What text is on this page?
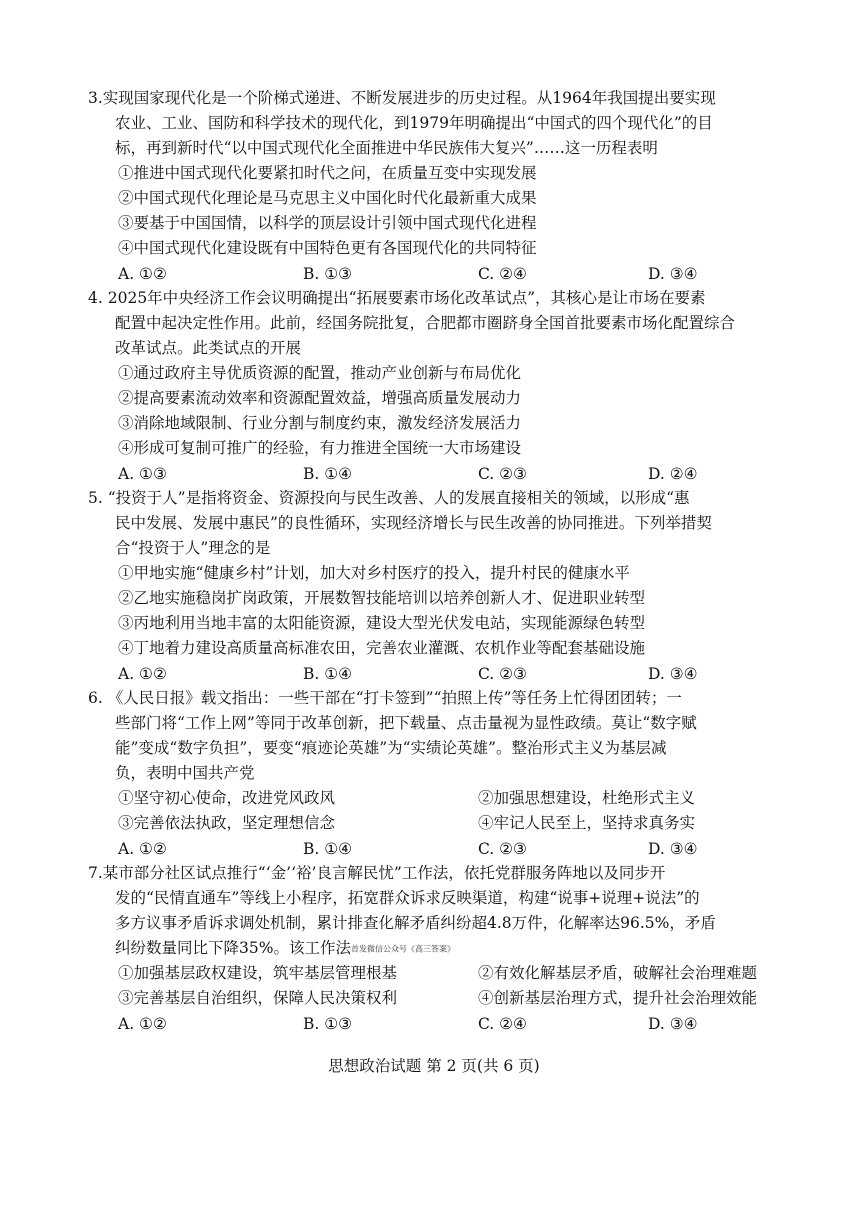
3.实现国家现代化是一个阶梯式递进、不断发展进步的历史过程。从1964年我国提出要实现
农业、工业、国防和科学技术的现代化，到1979年明确提出“中国式的四个现代化”的目
标，再到新时代“以中国式现代化全面推进中华民族伟大复兴”……这一历程表明
①推进中国式现代化要紧扣时代之问，在质量互变中实现发展
②中国式现代化理论是马克思主义中国化时代化最新重大成果
③要基于中国国情，以科学的顶层设计引领中国式现代化进程
④中国式现代化建设既有中国特色更有各国现代化的共同特征
A. ①②	B. ①③	C. ②④	D. ③④
4. 2025年中央经济工作会议明确提出“拓展要素市场化改革试点”，其核心是让市场在要素
配置中起决定性作用。此前，经国务院批复，合肥都市圈跻身全国首批要素市场化配置综合
改革试点。此类试点的开展
①通过政府主导优质资源的配置，推动产业创新与布局优化
②提高要素流动效率和资源配置效益，增强高质量发展动力
③消除地域限制、行业分割与制度约束，激发经济发展活力
④形成可复制可推广的经验，有力推进全国统一大市场建设
A. ①③	B. ①④	C. ②③	D. ②④
5. “投资于人”是指将资金、资源投向与民生改善、人的发展直接相关的领域，以形成“惠
民中发展、发展中惠民”的良性循环，实现经济增长与民生改善的协同推进。下列举措契
合“投资于人”理念的是
①甲地实施“健康乡村”计划，加大对乡村医疗的投入，提升村民的健康水平
②乙地实施稳岗扩岗政策，开展数智技能培训以培养创新人才、促进职业转型
③丙地利用当地丰富的太阳能资源，建设大型光伏发电站，实现能源绿色转型
④丁地着力建设高质量高标准农田，完善农业灌溉、农机作业等配套基础设施
A. ①②	B. ①④	C. ②③	D. ③④
6. 《人民日报》载文指出：一些干部在“打卡签到”“拍照上传”等任务上忙得团团转；一
些部门将“工作上网”等同于改革创新，把下载量、点击量视为显性政绩。莫让“数字赋
能”变成“数字负担”，要变“痕迹论英雄”为“实绩论英雄”。整治形式主义为基层减
负，表明中国共产党
①坚守初心使命，改进党风政风	②加强思想建设，杜绝形式主义
③完善依法执政，坚定理想信念	④牢记人民至上，坚持求真务实
A. ①②	B. ①④	C. ②③	D. ③④
7.某市部分社区试点推行“‘金’‘裕’良言解民忧”工作法，依托党群服务阵地以及同步开
发的“民情直通车”等线上小程序，拓宽群众诉求反映渠道，构建“说事+说理+说法”的
多方议事矛盾诉求调处机制，累计排查化解矛盾纠纷超4.8万件，化解率达96.5%，矛盾
纠纷数量同比下降35%。该工作法首发微信公众号《高三答案》
①加强基层政权建设，筑牢基层管理根基	②有效化解基层矛盾，破解社会治理难题
③完善基层自治组织，保障人民决策权利	④创新基层治理方式，提升社会治理效能
A. ①②	B. ①③	C. ②④	D. ③④
思想政治试题 第 2 页(共 6 页)
